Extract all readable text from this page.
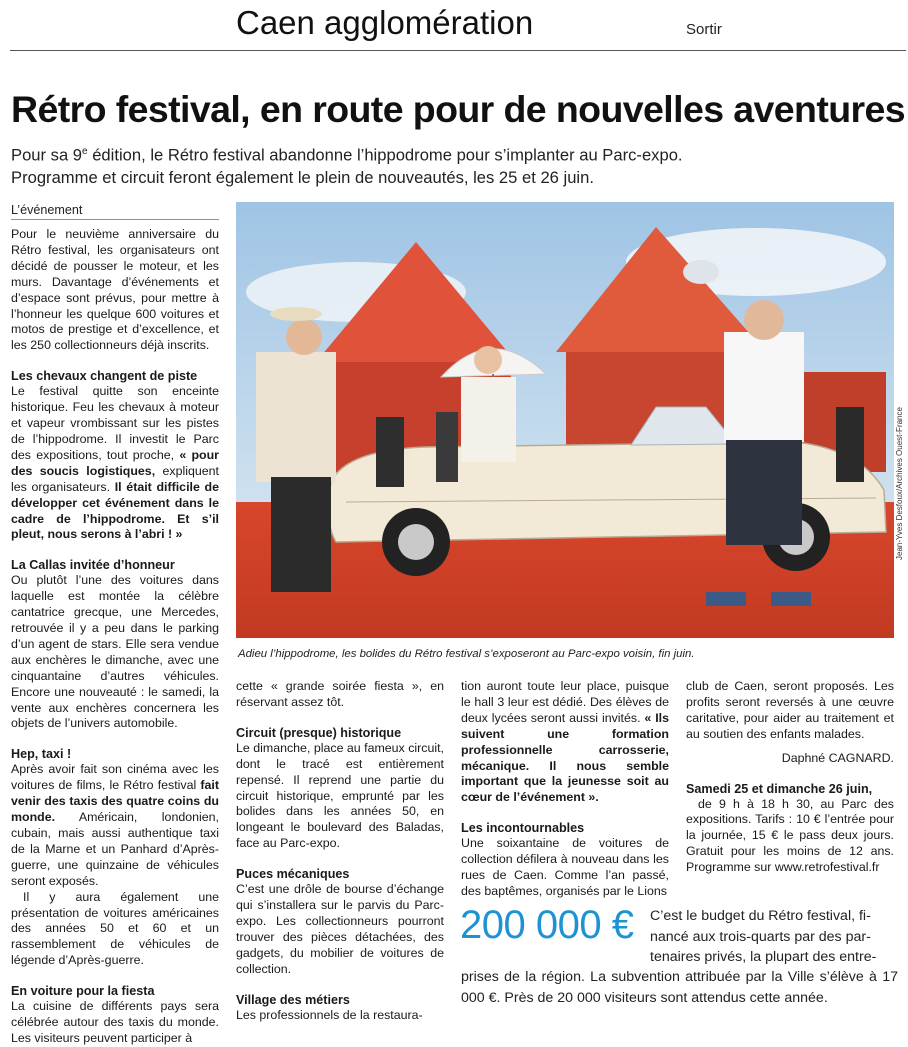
Caen agglomération	Sortir
Rétro festival, en route pour de nouvelles aventures
Pour sa 9e édition, le Rétro festival abandonne l’hippodrome pour s’implanter au Parc-expo.
Programme et circuit feront également le plein de nouveautés, les 25 et 26 juin.
L’événement

Pour le neuvième anniversaire du Rétro festival, les organisateurs ont décidé de pousser le moteur, et les murs. Davantage d’événements et d’espace sont prévus, pour mettre à l’honneur les quelque 600 voitures et motos de prestige et d’excellence, et les 250 collectionneurs déjà inscrits.

Les chevaux changent de piste

Le festival quitte son enceinte historique. Feu les chevaux à moteur et vapeur vrombissant sur les pistes de l’hippodrome. Il investit le Parc des expositions, tout proche, « pour des soucis logistiques, expliquent les organisateurs. Il était difficile de développer cet événement dans le cadre de l’hippodrome. Et s’il pleut, nous serons à l’abri ! »

La Callas invitée d’honneur

Ou plutôt l’une des voitures dans laquelle est montée la célèbre cantatrice grecque, une Mercedes, retrouvée il y a peu dans le parking d’un agent de stars. Elle sera vendue aux enchères le dimanche, avec une cinquantaine d’autres véhicules. Encore une nouveauté : le samedi, la vente aux enchères concernera les objets de l’univers automobile.

Hep, taxi !

Après avoir fait son cinéma avec les voitures de films, le Rétro festival fait venir des taxis des quatre coins du monde. Américain, londonien, cubain, mais aussi authentique taxi de la Marne et un Panhard d’Après-guerre, une quinzaine de véhicules seront exposés.

Il y aura également une présentation de voitures américaines des années 50 et 60 et un rassemblement de véhicules de légende d’Après-guerre.

En voiture pour la fiesta

La cuisine de différents pays sera célébrée autour des taxis du monde. Les visiteurs peuvent participer à

Jean-Yves Desfoux/Archives Ouest-France
Adieu l’hippodrome, les bolides du Rétro festival s’exposeront au Parc-expo voisin, fin juin.

cette « grande soirée fiesta », en réservant assez tôt.

Circuit (presque) historique

Le dimanche, place au fameux circuit, dont le tracé est entièrement repensé. Il reprend une partie du circuit historique, emprunté par les bolides dans les années 50, en longeant le boulevard des Baladas, face au Parc-expo.

Puces mécaniques

C’est une drôle de bourse d’échange qui s’installera sur le parvis du Parc-expo. Les collectionneurs pourront trouver des pièces détachées, des gadgets, du mobilier de voitures de collection.

Village des métiers

Les professionnels de la restaura-

tion auront toute leur place, puisque le hall 3 leur est dédié. Des élèves de deux lycées seront aussi invités. « Ils suivent une formation professionnelle carrosserie, mécanique. Il nous semble important que la jeunesse soit au cœur de l’événement ».

Les incontournables

Une soixantaine de voitures de collection défilera à nouveau dans les rues de Caen. Comme l’an passé, des baptêmes, organisés par le Lions

club de Caen, seront proposés. Les profits seront reversés à une œuvre caritative, pour aider au traitement et au soutien des enfants malades.

Daphné CAGNARD.

Samedi 25 et dimanche 26 juin,

de 9 h à 18 h 30, au Parc des expositions. Tarifs : 10 € l’entrée pour la journée, 15 € le pass deux jours. Gratuit pour les moins de 12 ans. Programme sur www.retrofestival.fr

200 000 € C’est le budget du Rétro festival, fi-
nancé aux trois-quarts par des par-
tenaires privés, la plupart des entre-
prises de la région. La subvention attribuée par la Ville s’élève à 17 000 €. Près de 20 000 visiteurs sont attendus cette année.
